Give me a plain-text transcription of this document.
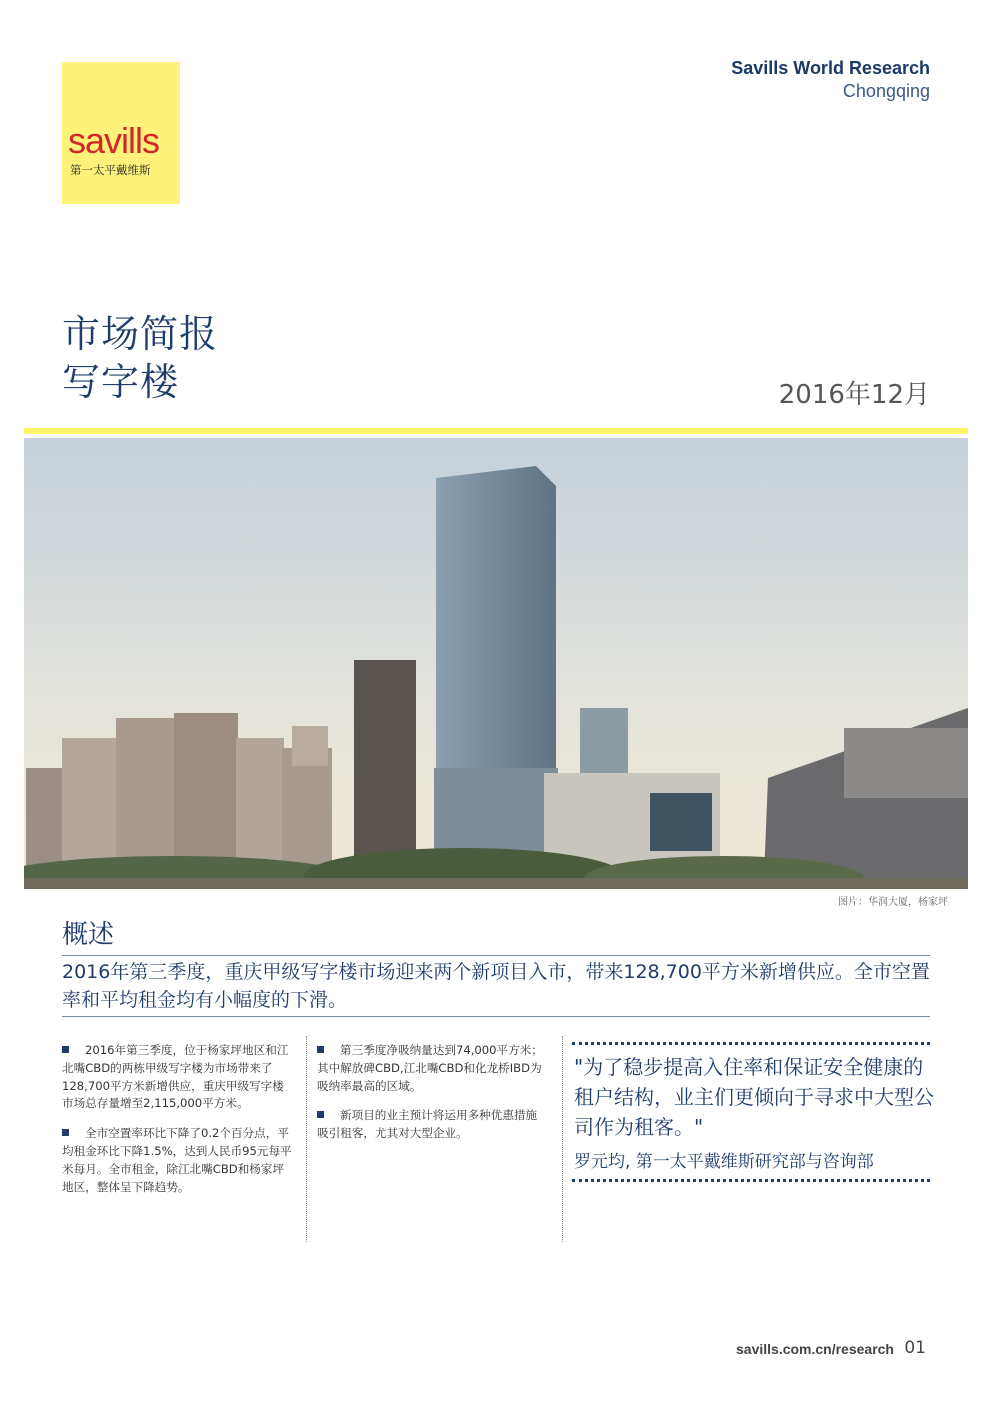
savills
第一太平戴维斯
Savills World Research
Chongqing
市场简报
写字楼	2016年12月
图片：华润大厦，杨家坪
概述
2016年第三季度，重庆甲级写字楼市场迎来两个新项目入市，带来128,700平方米新增供应。全市空置率和平均租金均有小幅度的下滑。

2016年第三季度，位于杨家坪地区和江北嘴CBD的两栋甲级写字楼为市场带来了128,700平方米新增供应，重庆甲级写字楼市场总存量增至2,115,000平方米。

全市空置率环比下降了0.2个百分点，平均租金环比下降1.5%，达到人民币95元每平米每月。全市租金，除江北嘴CBD和杨家坪地区，整体呈下降趋势。

第三季度净吸纳量达到74,000平方米；其中解放碑CBD,江北嘴CBD和化龙桥IBD为吸纳率最高的区域。

新项目的业主预计将运用多种优惠措施吸引租客，尤其对大型企业。

"为了稳步提高入住率和保证安全健康的租户结构，业主们更倾向于寻求中大型公司作为租客。"
罗元均, 第一太平戴维斯研究部与咨询部
savills.com.cn/research 01
